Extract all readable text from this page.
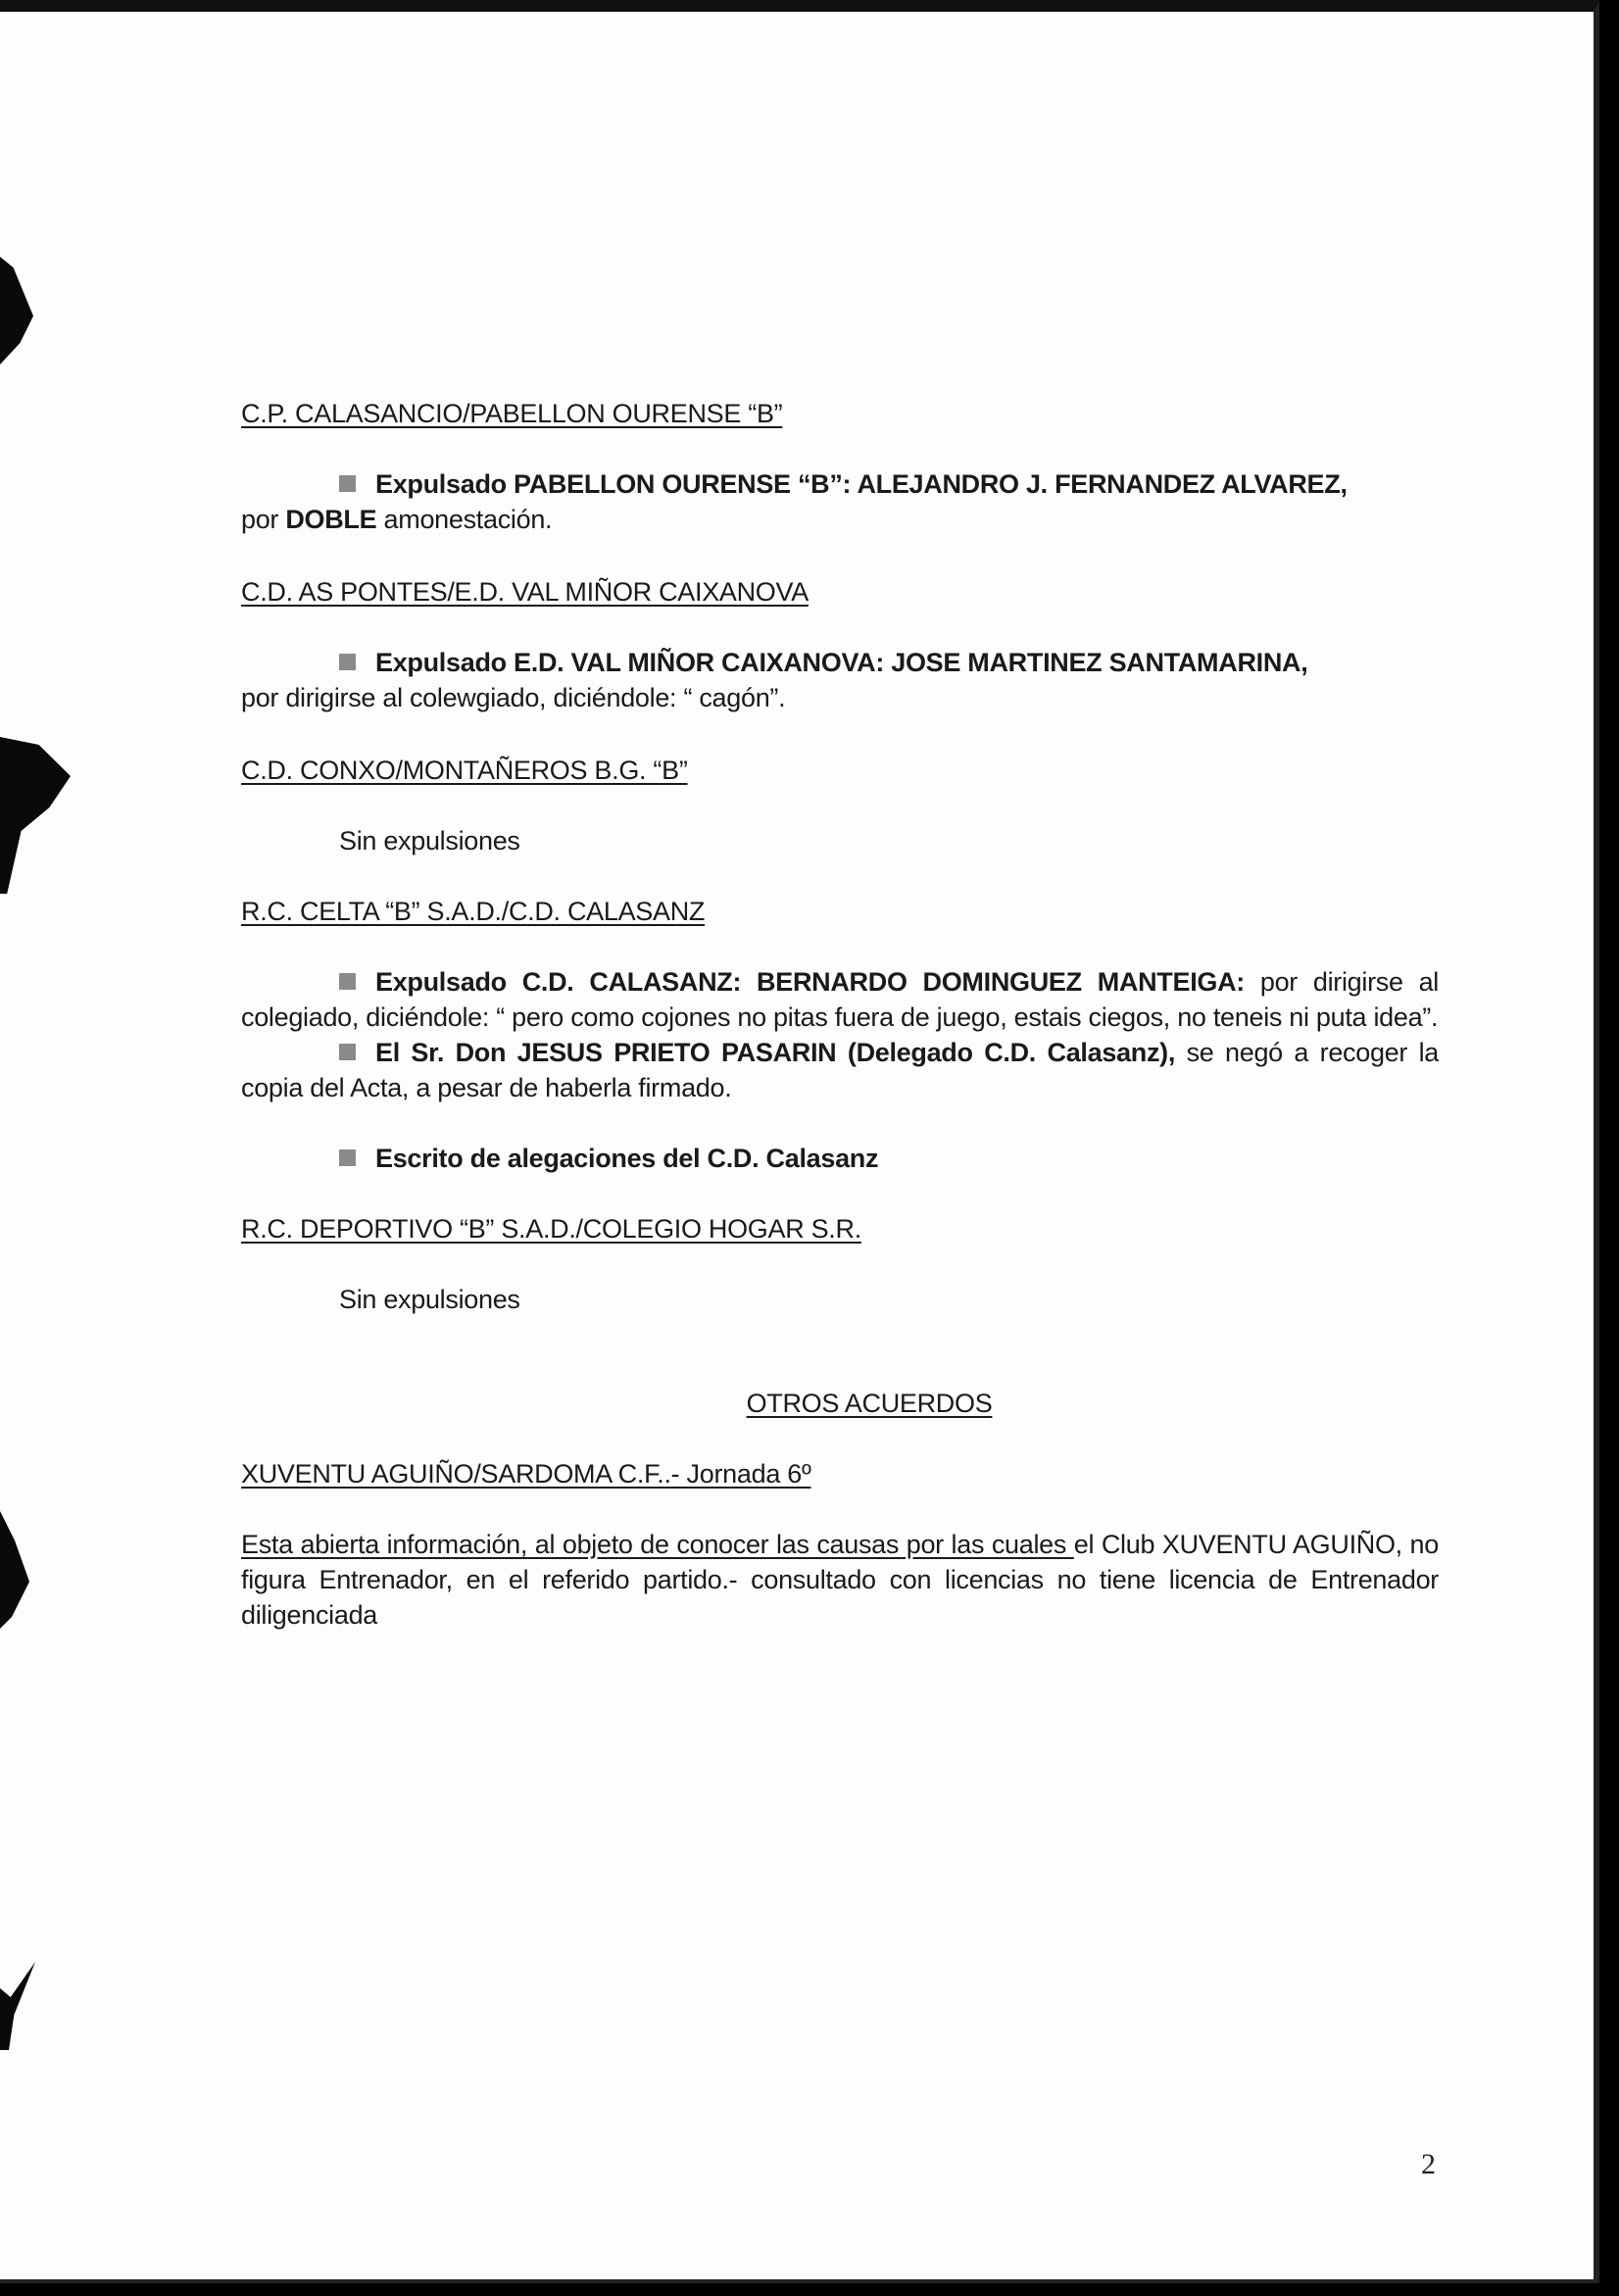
C.P. CALASANCIO/PABELLON OURENSE “B”

Expulsado PABELLON OURENSE “B”: ALEJANDRO J. FERNANDEZ ALVAREZ,
por DOBLE amonestación.

C.D. AS PONTES/E.D. VAL MIÑOR CAIXANOVA

Expulsado E.D. VAL MIÑOR CAIXANOVA: JOSE MARTINEZ SANTAMARINA,
por dirigirse al colewgiado, diciéndole: “ cagón”.

C.D. CONXO/MONTAÑEROS B.G. “B”

Sin expulsiones

R.C. CELTA “B” S.A.D./C.D. CALASANZ

Expulsado C.D. CALASANZ: BERNARDO DOMINGUEZ MANTEIGA: por dirigirse al colegiado, diciéndole: “ pero como cojones no pitas fuera de juego, estais ciegos, no teneis ni puta idea”.

El Sr. Don JESUS PRIETO PASARIN (Delegado C.D. Calasanz), se negó a recoger la copia del Acta, a pesar de haberla firmado.

Escrito de alegaciones del C.D. Calasanz

R.C. DEPORTIVO “B” S.A.D./COLEGIO HOGAR S.R.

Sin expulsiones

OTROS ACUERDOS
XUVENTU AGUIÑO/SARDOMA C.F..- Jornada 6º

Esta abierta información, al objeto de conocer las causas por las cuales el Club XUVENTU AGUIÑO, no figura Entrenador, en el referido partido.- consultado con licencias no tiene licencia de Entrenador diligenciada

2
